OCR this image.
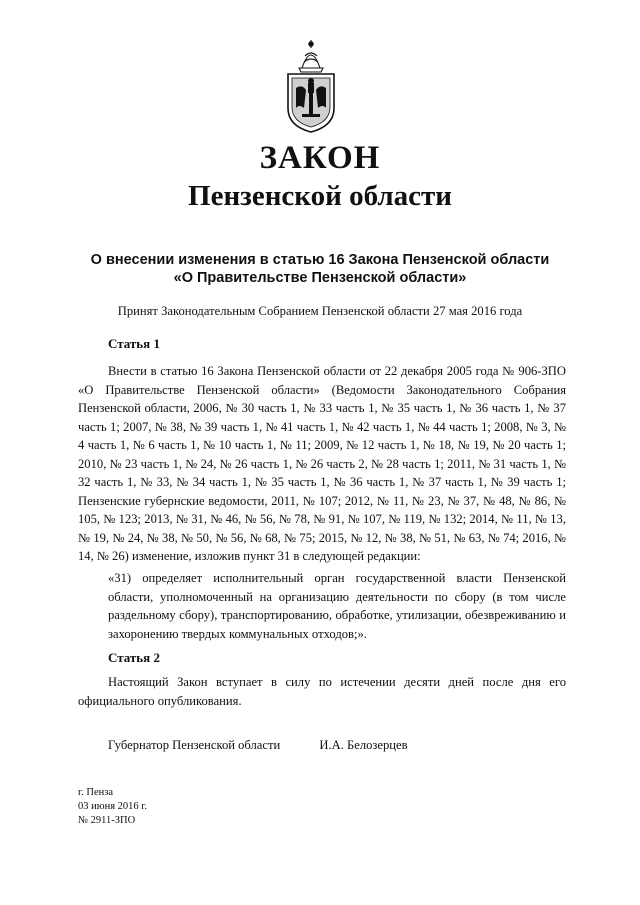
ЗАКОН
Пензенской области
О внесении изменения в статью 16 Закона Пензенской области
«О Правительстве Пензенской области»
Принят Законодательным Собранием Пензенской области 27 мая 2016 года
Статья 1

Внести в статью 16 Закона Пензенской области от 22 декабря 2005 года № 906-ЗПО «О Правительстве Пензенской области» (Ведомости Законодательного Собрания Пензенской области, 2006, № 30 часть 1, № 33 часть 1, № 35 часть 1, № 36 часть 1, № 37 часть 1; 2007, № 38, № 39 часть 1, № 41 часть 1, № 42 часть 1, № 44 часть 1; 2008, № 3, № 4 часть 1, № 6 часть 1, № 10 часть 1, № 11; 2009, № 12 часть 1, № 18, № 19, № 20 часть 1; 2010, № 23 часть 1, № 24, № 26 часть 1, № 26 часть 2, № 28 часть 1; 2011, № 31 часть 1, № 32 часть 1, № 33, № 34 часть 1, № 35 часть 1, № 36 часть 1, № 37 часть 1, № 39 часть 1; Пензенские губернские ведомости, 2011, № 107; 2012, № 11, № 23, № 37, № 48, № 86, № 105, № 123; 2013, № 31, № 46, № 56, № 78, № 91, № 107, № 119, № 132; 2014, № 11, № 13, № 19, № 24, № 38, № 50, № 56, № 68, № 75; 2015, № 12, № 38, № 51, № 63, № 74; 2016, № 14, № 26) изменение, изложив пункт 31 в следующей редакции:

«31) определяет исполнительный орган государственной власти Пензенской области, уполномоченный на организацию деятельности по сбору (в том числе раздельному сбору), транспортированию, обработке, утилизации, обезвреживанию и захоронению твердых коммунальных отходов;».

Статья 2

Настоящий Закон вступает в силу по истечении десяти дней после дня его официального опубликования.

Губернатор Пензенской области	И.А. Белозерцев
г. Пенза
03 июня 2016 г.
№ 2911-ЗПО
